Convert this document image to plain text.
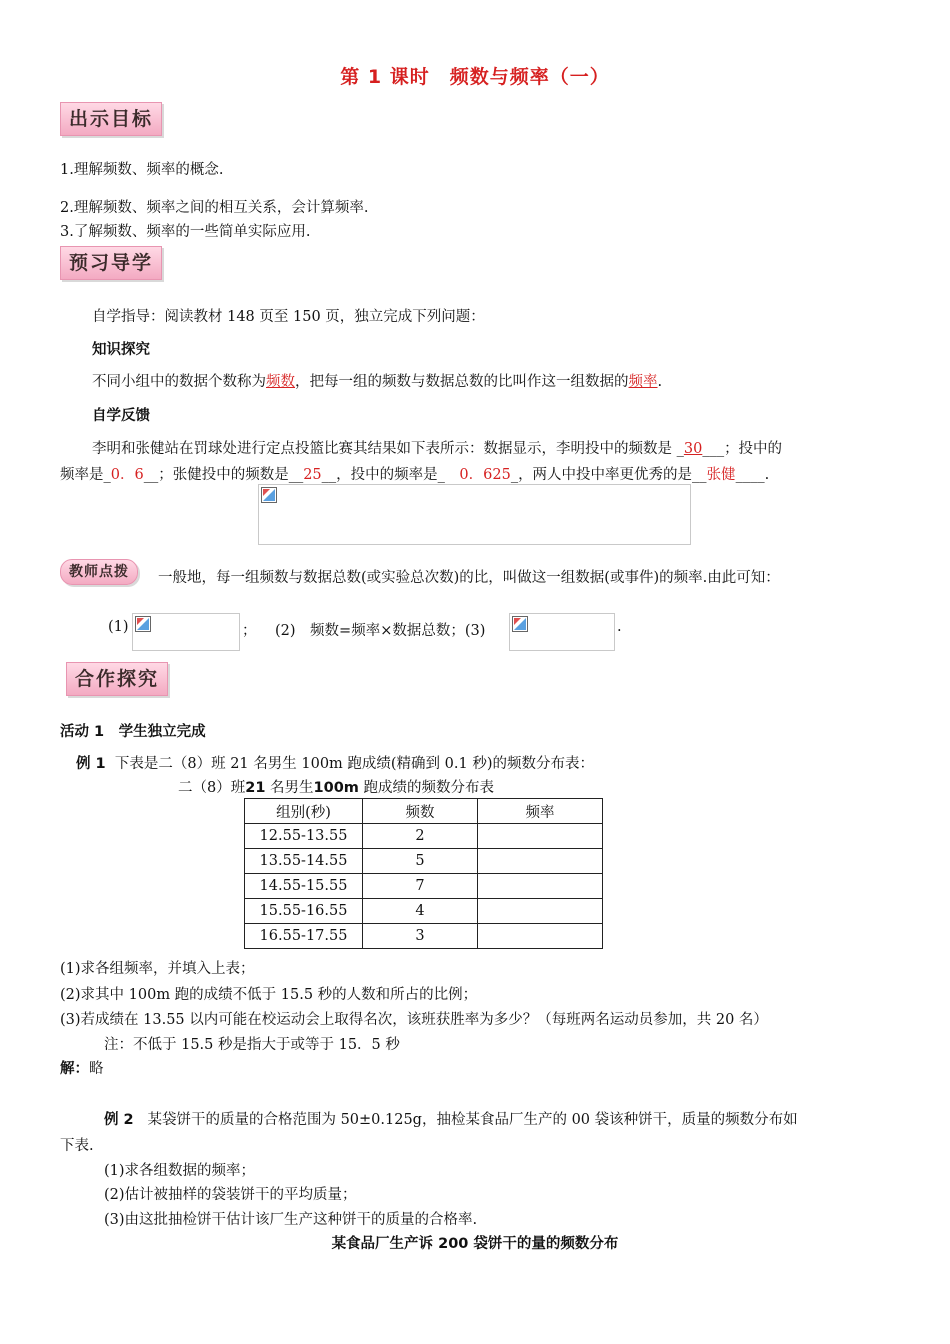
第 1 课时　频数与频率（一）
出示目标
1.理解频数、频率的概念.
2.理解频数、频率之间的相互关系，会计算频率.
3.了解频数、频率的一些简单实际应用.
预习导学
自学指导：阅读教材 148 页至 150 页，独立完成下列问题：
知识探究
不同小组中的数据个数称为频数，把每一组的频数与数据总数的比叫作这一组数据的频率.
自学反馈
李明和张健站在罚球处进行定点投篮比赛其结果如下表所示：数据显示，李明投中的频数是 _30___；投中的
频率是_0．6__；张健投中的频数是__25__，投中的频率是_　0．625_，两人中投中率更优秀的是__张健____.
教师点拨	一般地，每一组频数与数据总数(或实验总次数)的比，叫做这一组数据(或事件)的频率.由此可知：
(1)	； (2)　频数=频率×数据总数；(3)	.
合作探究
活动 1　学生独立完成
例 1 下表是二（8）班 21 名男生 100m 跑成绩(精确到 0.1 秒)的频数分布表：
二（8）班21 名男生100m 跑成绩的频数分布表
组别(秒)	频数	频率
12.55-13.55	2	
13.55-14.55	5	
14.55-15.55	7	
15.55-16.55	4	
16.55-17.55	3	
(1)求各组频率，并填入上表；
(2)求其中 100m 跑的成绩不低于 15.5 秒的人数和所占的比例；
(3)若成绩在 13.55 以内可能在校运动会上取得名次，该班获胜率为多少？（每班两名运动员参加，共 20 名）
注：不低于 15.5 秒是指大于或等于 15．5 秒
解：略
例 2 某袋饼干的质量的合格范围为 50±0.125g，抽检某食品厂生产的 00 袋该种饼干，质量的频数分布如
下表.
(1)求各组数据的频率；
(2)估计被抽样的袋装饼干的平均质量；
(3)由这批抽检饼干估计该厂生产这种饼干的质量的合格率.
某食品厂生产诉 200 袋饼干的量的频数分布
